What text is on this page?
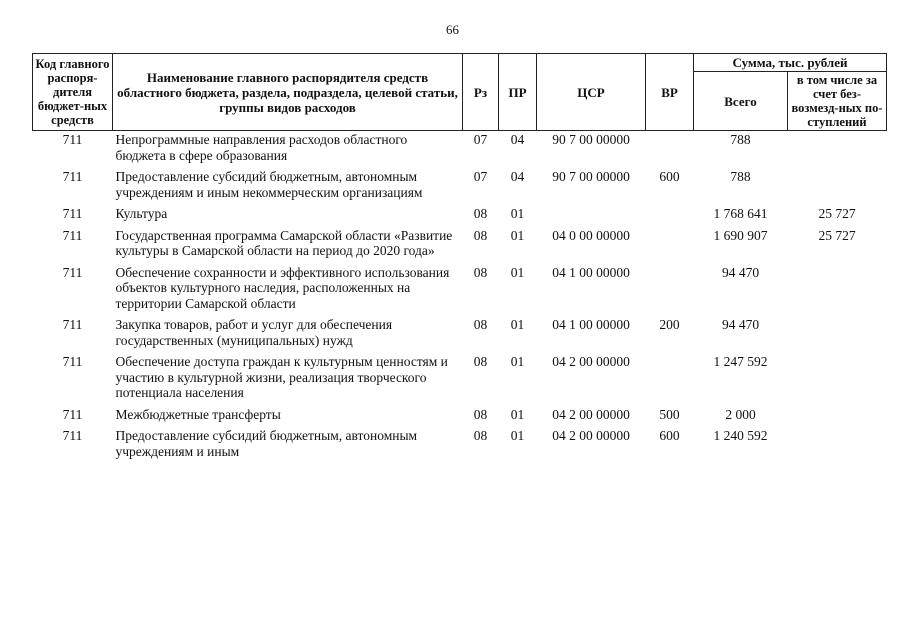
66
Код главного распоря-дителя бюджет-ных средств	Наименование главного распорядителя средств областного бюджета, раздела, подраздела, целевой статьи, группы видов расходов	Рз	ПР	ЦСР	ВР	Сумма, тыс. рублей	
						Всего	в том числе за счет без-возмезд-ных по-ступлений
711	Непрограммные направления расходов областного бюджета в сфере образования	07	04	90 7 00 00000		788	
711	Предоставление субсидий бюджетным, автономным учреждениям и иным некоммерческим организациям	07	04	90 7 00 00000	600	788	
711	Культура	08	01			1 768 641	25 727
711	Государственная программа Самарской области «Развитие культуры в Самарской области на период до 2020 года»	08	01	04 0 00 00000		1 690 907	25 727
711	Обеспечение сохранности и эффективного использования объектов культурного наследия, расположенных на территории Самарской области	08	01	04 1 00 00000		94 470	
711	Закупка товаров, работ и услуг для обеспечения государственных (муниципальных) нужд	08	01	04 1 00 00000	200	94 470	
711	Обеспечение доступа граждан к культурным ценностям и участию в культурной жизни, реализация творческого потенциала населения	08	01	04 2 00 00000		1 247 592	
711	Межбюджетные трансферты	08	01	04 2 00 00000	500	2 000	
711	Предоставление субсидий бюджетным, автономным учреждениям и иным	08	01	04 2 00 00000	600	1 240 592	
